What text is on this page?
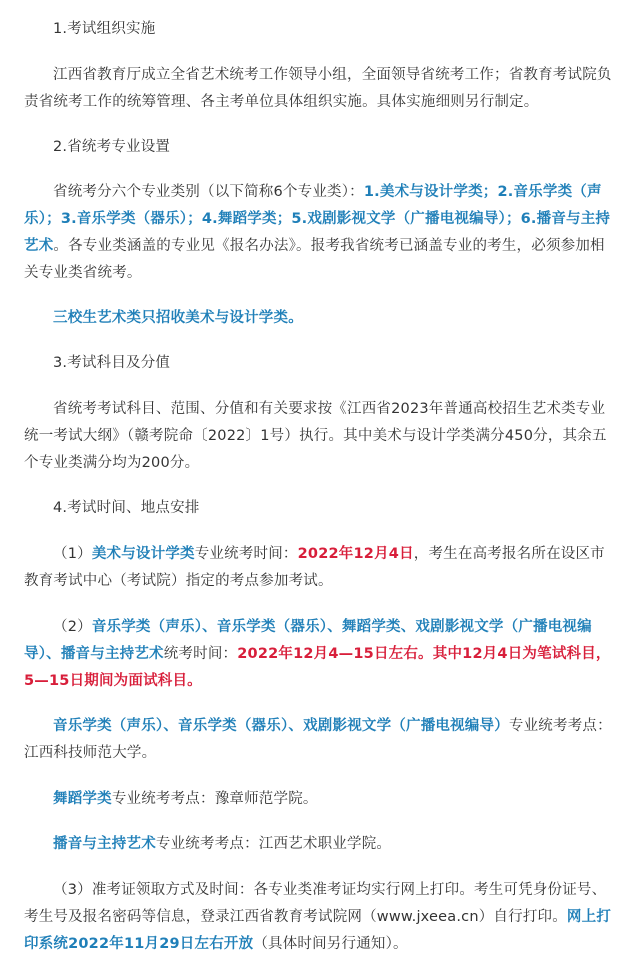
1.考试组织实施

江西省教育厅成立全省艺术统考工作领导小组，全面领导省统考工作；省教育考试院负责省统考工作的统筹管理、各主考单位具体组织实施。具体实施细则另行制定。

2.省统考专业设置

省统考分六个专业类别（以下简称6个专业类）：1.美术与设计学类；2.音乐学类（声乐）；3.音乐学类（器乐）；4.舞蹈学类；5.戏剧影视文学（广播电视编导）；6.播音与主持艺术。各专业类涵盖的专业见《报名办法》。报考我省统考已涵盖专业的考生，必须参加相关专业类省统考。

三校生艺术类只招收美术与设计学类。

3.考试科目及分值

省统考考试科目、范围、分值和有关要求按《江西省2023年普通高校招生艺术类专业统一考试大纲》（赣考院命〔2022〕1号）执行。其中美术与设计学类满分450分，其余五个专业类满分均为200分。

4.考试时间、地点安排

（1）美术与设计学类专业统考时间：2022年12月4日，考生在高考报名所在设区市教育考试中心（考试院）指定的考点参加考试。

（2）音乐学类（声乐）、音乐学类（器乐）、舞蹈学类、戏剧影视文学（广播电视编导）、播音与主持艺术统考时间：2022年12月4—15日左右。其中12月4日为笔试科目，5—15日期间为面试科目。

音乐学类（声乐）、音乐学类（器乐）、戏剧影视文学（广播电视编导）专业统考考点：江西科技师范大学。

舞蹈学类专业统考考点：豫章师范学院。

播音与主持艺术专业统考考点：江西艺术职业学院。

（3）准考证领取方式及时间：各专业类准考证均实行网上打印。考生可凭身份证号、考生号及报名密码等信息，登录江西省教育考试院网（www.jxeea.cn）自行打印。网上打印系统2022年11月29日左右开放（具体时间另行通知）。
